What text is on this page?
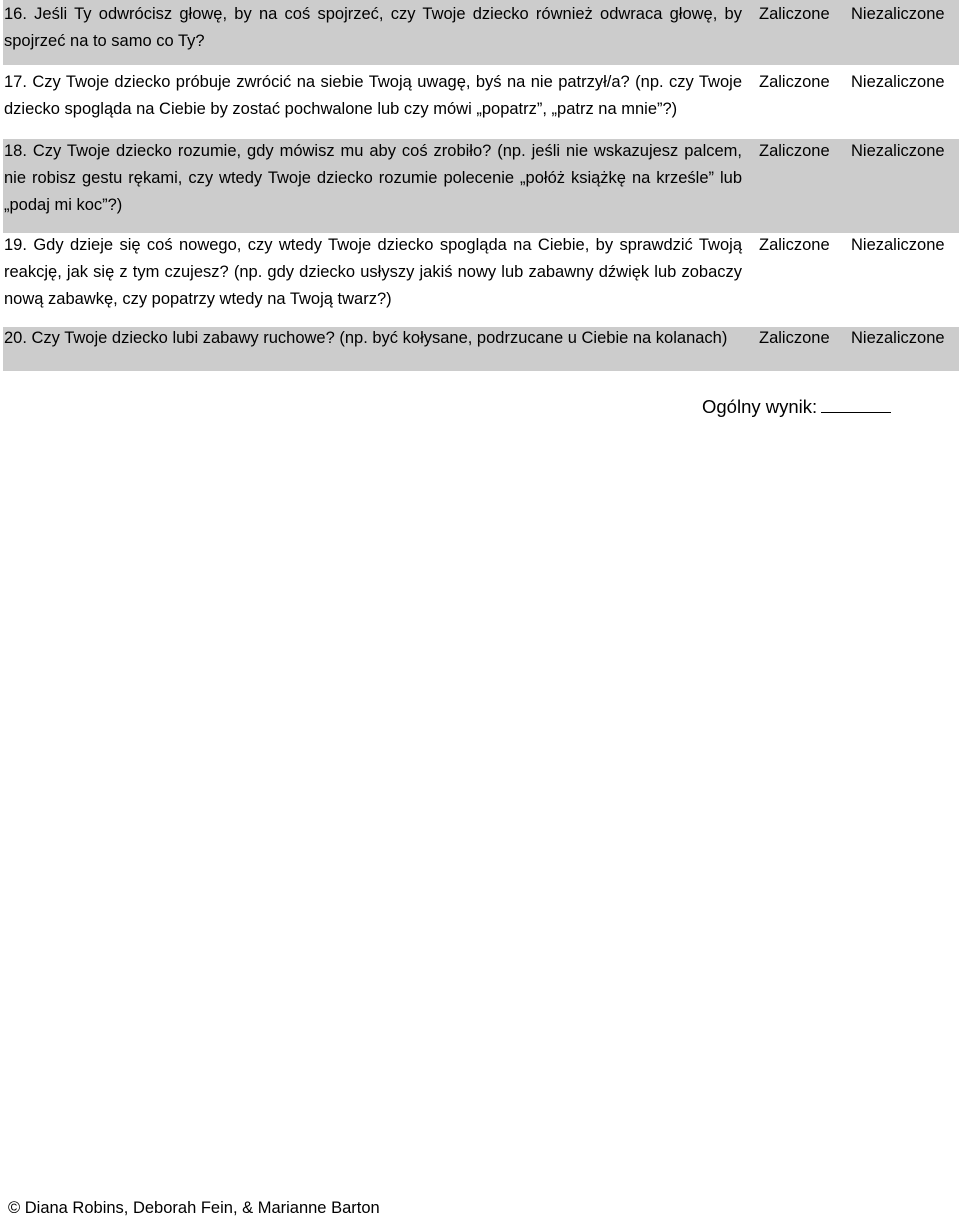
16. Jeśli Ty odwrócisz głowę, by na coś spojrzeć, czy Twoje dziecko również odwraca głowę, by spojrzeć na to samo co Ty?

Zaliczone Niezaliczone

17. Czy Twoje dziecko próbuje zwrócić na siebie Twoją uwagę, byś na nie patrzył/a? (np. czy Twoje dziecko spogląda na Ciebie by zostać pochwalone lub czy mówi „popatrz”, „patrz na mnie”?)

Zaliczone Niezaliczone

18. Czy Twoje dziecko rozumie, gdy mówisz mu aby coś zrobiło? (np. jeśli nie wskazujesz palcem, nie robisz gestu rękami, czy wtedy Twoje dziecko rozumie polecenie „połóż książkę na krześle” lub „podaj mi koc”?)

Zaliczone Niezaliczone

19. Gdy dzieje się coś nowego, czy wtedy Twoje dziecko spogląda na Ciebie, by sprawdzić Twoją reakcję, jak się z tym czujesz? (np. gdy dziecko usłyszy jakiś nowy lub zabawny dźwięk lub zobaczy nową zabawkę, czy popatrzy wtedy na Twoją twarz?)

Zaliczone Niezaliczone

20. Czy Twoje dziecko lubi zabawy ruchowe? (np. być kołysane, podrzucane u Ciebie na kolanach)	Zaliczone Niezaliczone
Ogólny wynik:
© Diana Robins, Deborah Fein, & Marianne Barton
